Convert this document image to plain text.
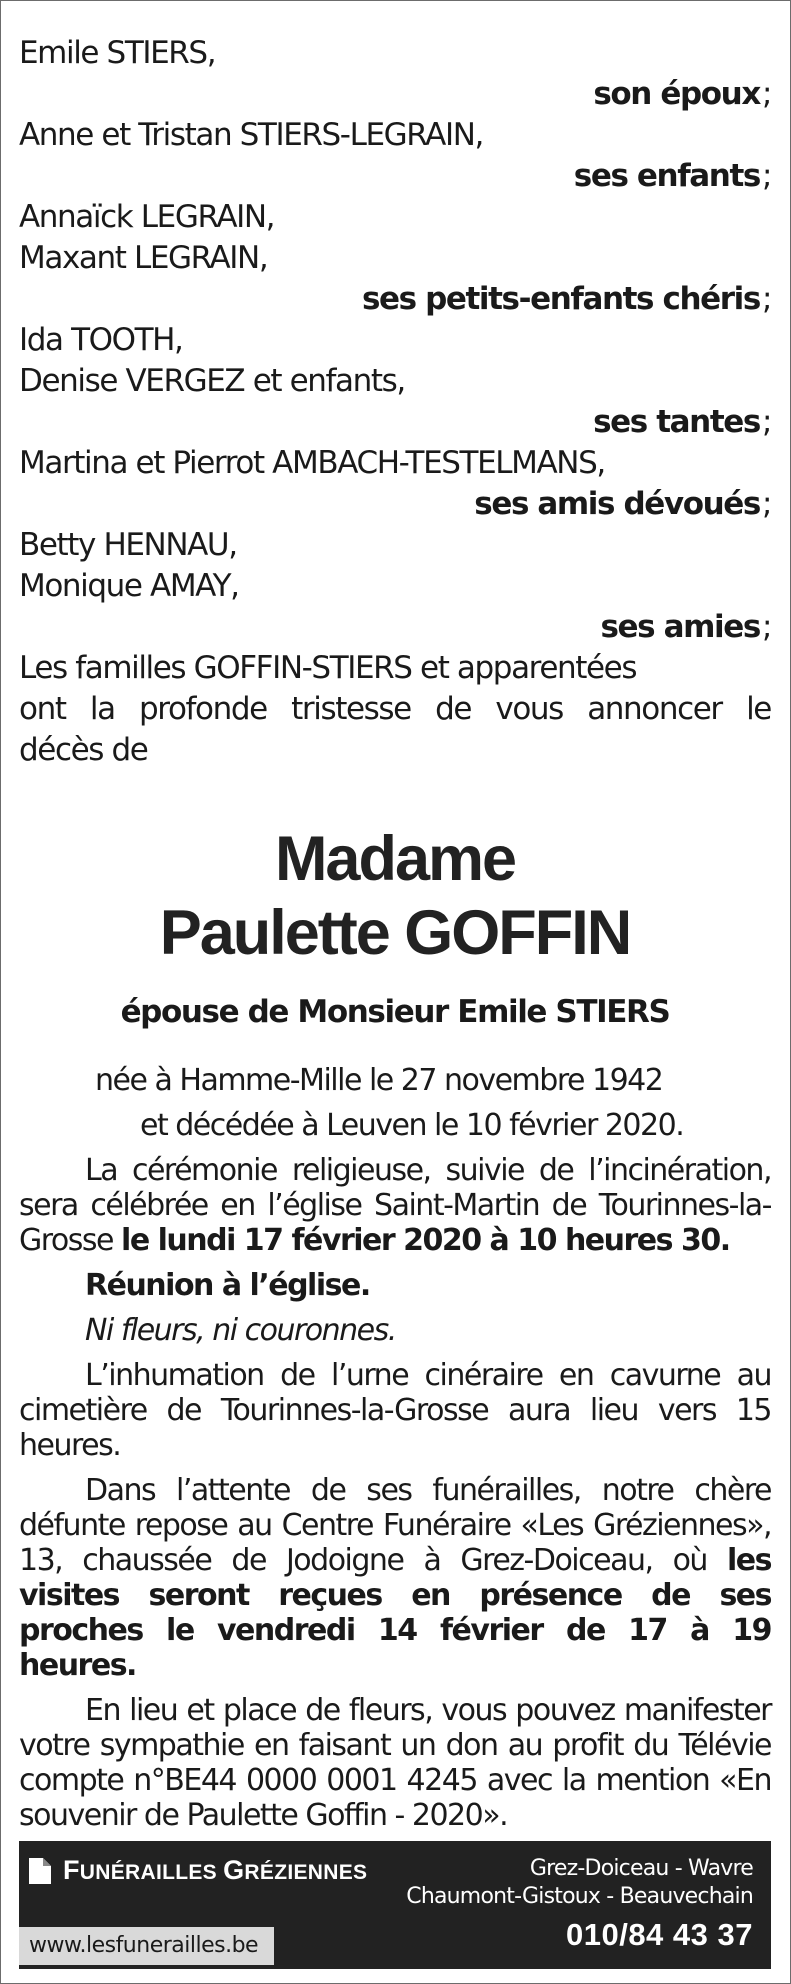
Emile STIERS,
son époux;
Anne et Tristan STIERS-LEGRAIN,
ses enfants;
Annaïck LEGRAIN,
Maxant LEGRAIN,
ses petits-enfants chéris;
Ida TOOTH,
Denise VERGEZ et enfants,
ses tantes;
Martina et Pierrot AMBACH-TESTELMANS,
ses amis dévoués;
Betty HENNAU,
Monique AMAY,
ses amies;
Les familles GOFFIN-STIERS et apparentées
ont la profonde tristesse de vous annoncer le
décès de
Madame
Paulette GOFFIN
épouse de Monsieur Emile STIERS
née à Hamme-Mille le 27 novembre 1942
et décédée à Leuven le 10 février 2020.
La cérémonie religieuse, suivie de l’incinération, sera célébrée en l’église Saint-Martin de Tourinnes-la-Grosse le lundi 17 février 2020 à 10 heures 30.
Réunion à l’église.
Ni fleurs, ni couronnes.
L’inhumation de l’urne cinéraire en cavurne au cimetière de Tourinnes-la-Grosse aura lieu vers 15 heures.
Dans l’attente de ses funérailles, notre chère défunte repose au Centre Funéraire «Les Gréziennes», 13, chaussée de Jodoigne à Grez-Doiceau, où les visites seront reçues en présence de ses proches le vendredi 14 février de 17 à 19 heures.
En lieu et place de fleurs, vous pouvez manifester votre sympathie en faisant un don au profit du Télévie compte n°BE44 0000 0001 4245 avec la mention «En souvenir de Paulette Goffin - 2020».
FUNÉRAILLES GRÉZIENNES	Grez-Doiceau - Wavre
Chaumont-Gistoux - Beauvechain
010/84 43 37
www.lesfunerailles.be
